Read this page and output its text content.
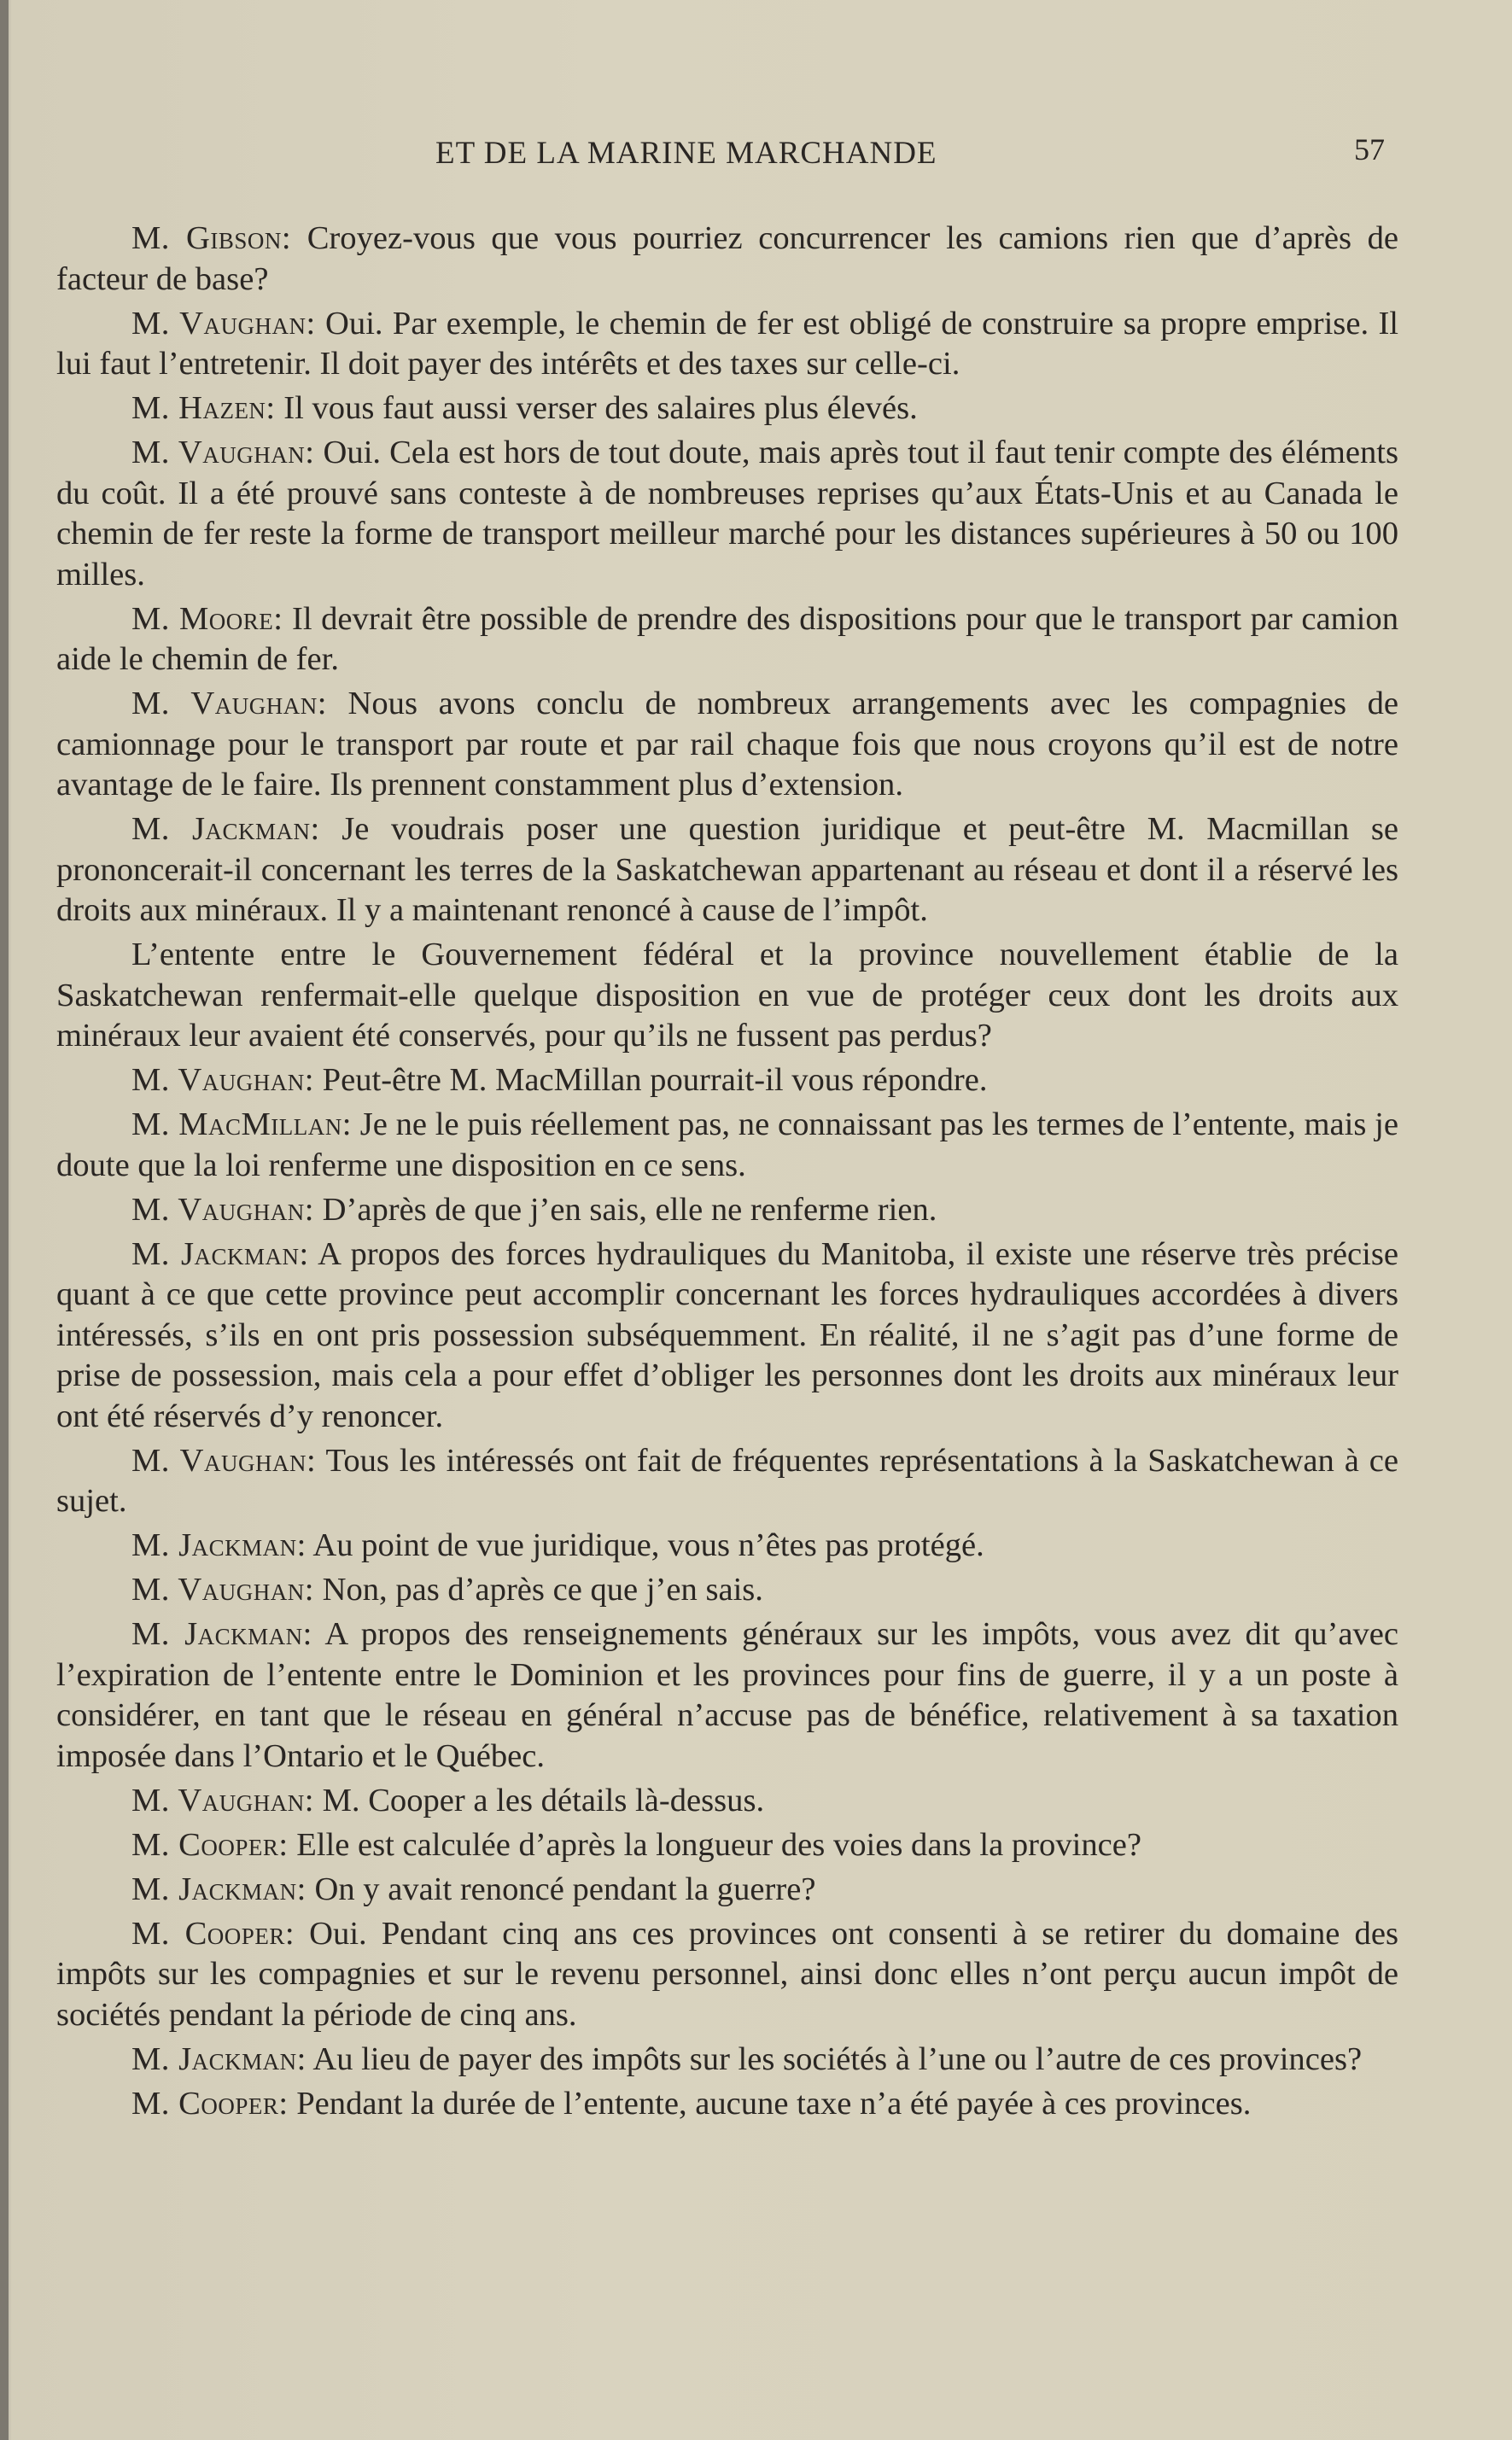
ET DE LA MARINE MARCHANDE	57

M. Gibson: Croyez-vous que vous pourriez concurrencer les camions rien que d’après de facteur de base?

M. Vaughan: Oui. Par exemple, le chemin de fer est obligé de construire sa propre emprise. Il lui faut l’entretenir. Il doit payer des intérêts et des taxes sur celle-ci.

M. Hazen: Il vous faut aussi verser des salaires plus élevés.

M. Vaughan: Oui. Cela est hors de tout doute, mais après tout il faut tenir compte des éléments du coût. Il a été prouvé sans conteste à de nombreuses reprises qu’aux États-Unis et au Canada le chemin de fer reste la forme de transport meilleur marché pour les distances supérieures à 50 ou 100 milles.

M. Moore: Il devrait être possible de prendre des dispositions pour que le transport par camion aide le chemin de fer.

M. Vaughan: Nous avons conclu de nombreux arrangements avec les compagnies de camionnage pour le transport par route et par rail chaque fois que nous croyons qu’il est de notre avantage de le faire. Ils prennent constamment plus d’extension.

M. Jackman: Je voudrais poser une question juridique et peut-être M. Macmillan se prononcerait-il concernant les terres de la Saskatchewan appartenant au réseau et dont il a réservé les droits aux minéraux. Il y a maintenant renoncé à cause de l’impôt.

L’entente entre le Gouvernement fédéral et la province nouvellement établie de la Saskatchewan renfermait-elle quelque disposition en vue de protéger ceux dont les droits aux minéraux leur avaient été conservés, pour qu’ils ne fussent pas perdus?

M. Vaughan: Peut-être M. MacMillan pourrait-il vous répondre.

M. MacMillan: Je ne le puis réellement pas, ne connaissant pas les termes de l’entente, mais je doute que la loi renferme une disposition en ce sens.

M. Vaughan: D’après de que j’en sais, elle ne renferme rien.

M. Jackman: A propos des forces hydrauliques du Manitoba, il existe une réserve très précise quant à ce que cette province peut accomplir concernant les forces hydrauliques accordées à divers intéressés, s’ils en ont pris possession subséquemment. En réalité, il ne s’agit pas d’une forme de prise de possession, mais cela a pour effet d’obliger les personnes dont les droits aux minéraux leur ont été réservés d’y renoncer.

M. Vaughan: Tous les intéressés ont fait de fréquentes représentations à la Saskatchewan à ce sujet.

M. Jackman: Au point de vue juridique, vous n’êtes pas protégé.

M. Vaughan: Non, pas d’après ce que j’en sais.

M. Jackman: A propos des renseignements généraux sur les impôts, vous avez dit qu’avec l’expiration de l’entente entre le Dominion et les provinces pour fins de guerre, il y a un poste à considérer, en tant que le réseau en général n’accuse pas de bénéfice, relativement à sa taxation imposée dans l’Ontario et le Québec.

M. Vaughan: M. Cooper a les détails là-dessus.

M. Cooper: Elle est calculée d’après la longueur des voies dans la province?

M. Jackman: On y avait renoncé pendant la guerre?

M. Cooper: Oui. Pendant cinq ans ces provinces ont consenti à se retirer du domaine des impôts sur les compagnies et sur le revenu personnel, ainsi donc elles n’ont perçu aucun impôt de sociétés pendant la période de cinq ans.

M. Jackman: Au lieu de payer des impôts sur les sociétés à l’une ou l’autre de ces provinces?

M. Cooper: Pendant la durée de l’entente, aucune taxe n’a été payée à ces provinces.
